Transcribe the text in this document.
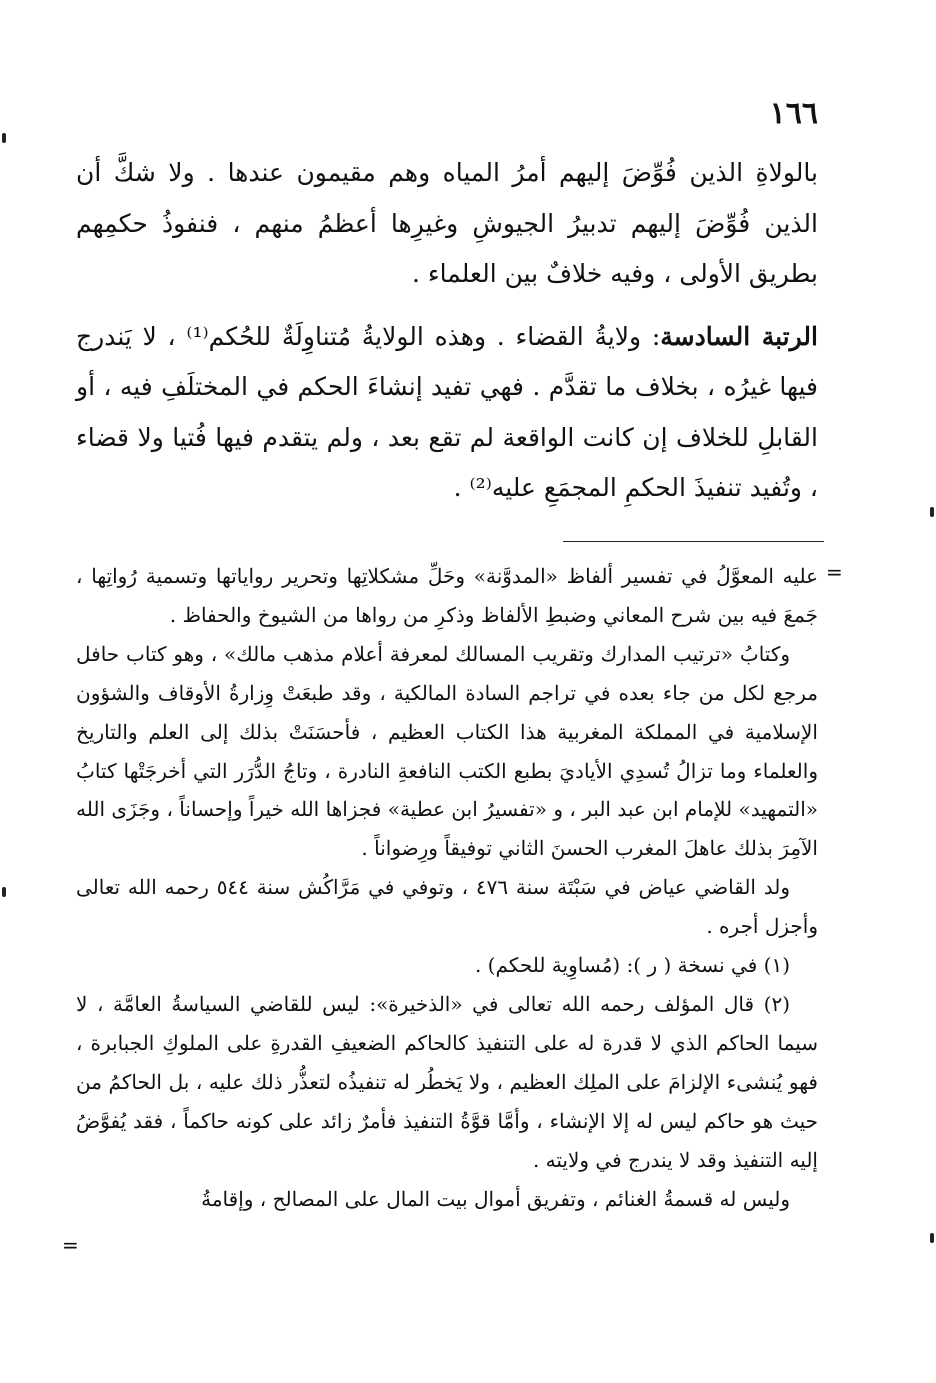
١٦٦

بالولاةِ الذين فُوِّضَ إليهم أمرُ المياه وهم مقيمون عندها . ولا شكَّ أن الذين فُوِّضَ إليهم تدبيرُ الجيوشِ وغيرِها أعظمُ منهم ، فنفوذُ حكمِهم بطريق الأولى ، وفيه خلافٌ بين العلماء .

الرتبة السادسة: ولايةُ القضاء . وهذه الولايةُ مُتناوِلَةٌ للحُكم⁽¹⁾ ، لا يَندرج فيها غيرُه ، بخلاف ما تقدَّم . فهي تفيد إنشاءَ الحكم في المختلَفِ فيه ، أو القابلِ للخلاف إن كانت الواقعة لم تقع بعد ، ولم يتقدم فيها فُتيا ولا قضاء ، وتُفيد تنفيذَ الحكمِ المجمَعِ عليه⁽²⁾ .

=

عليه المعوَّلُ في تفسير ألفاظ «المدوَّنة» وحَلِّ مشكلاتِها وتحرير رواياتها وتسمية رُواتِها ، جَمعَ فيه بين شرح المعاني وضبطِ الألفاظ وذكرِ من رواها من الشيوخ والحفاظ .

وكتابُ «ترتيب المدارك وتقريب المسالك لمعرفة أعلام مذهب مالك» ، وهو كتاب حافل مرجع لكل من جاء بعده في تراجم السادة المالكية ، وقد طبعَتْ وِزارةُ الأوقاف والشؤون الإسلامية في المملكة المغربية هذا الكتاب العظيم ، فأحسَنَتْ بذلك إلى العلم والتاريخ والعلماء وما تزالُ تُسدِي الأياديَ بطبع الكتب النافعةِ النادرة ، وتاجُ الدُّرَر التي أخرجَتْها كتابُ «التمهيد» للإمام ابن عبد البر ، و «تفسيرُ ابن عطية» فجزاها الله خيراً وإحساناً ، وجَزَى الله الآمِرَ بذلك عاهلَ المغرب الحسنَ الثاني توفيقاً ورِضواناً .

ولد القاضي عياض في سَبْتَة سنة ٤٧٦ ، وتوفي في مَرَّاكُش سنة ٥٤٤ رحمه الله تعالى وأجزل أجره .

(١) في نسخة ( ر ): (مُساوِية للحكم) .

(٢) قال المؤلف رحمه الله تعالى في «الذخيرة»: ليس للقاضي السياسةُ العامَّة ، لا سيما الحاكم الذي لا قدرة له على التنفيذ كالحاكم الضعيفِ القدرةِ على الملوكِ الجبابرة ، فهو يُنشىء الإلزامَ على الملِك العظيم ، ولا يَخطُر له تنفيذُه لتعذُّر ذلك عليه ، بل الحاكمُ من حيث هو حاكم ليس له إلا الإنشاء ، وأمَّا قوَّةُ التنفيذ فأمرٌ زائد على كونه حاكماً ، فقد يُفوَّضُ إليه التنفيذ وقد لا يندرج في ولايته .

وليس له قسمةُ الغنائم ، وتفريق أموال بيت المال على المصالح ، وإقامةُ

=
